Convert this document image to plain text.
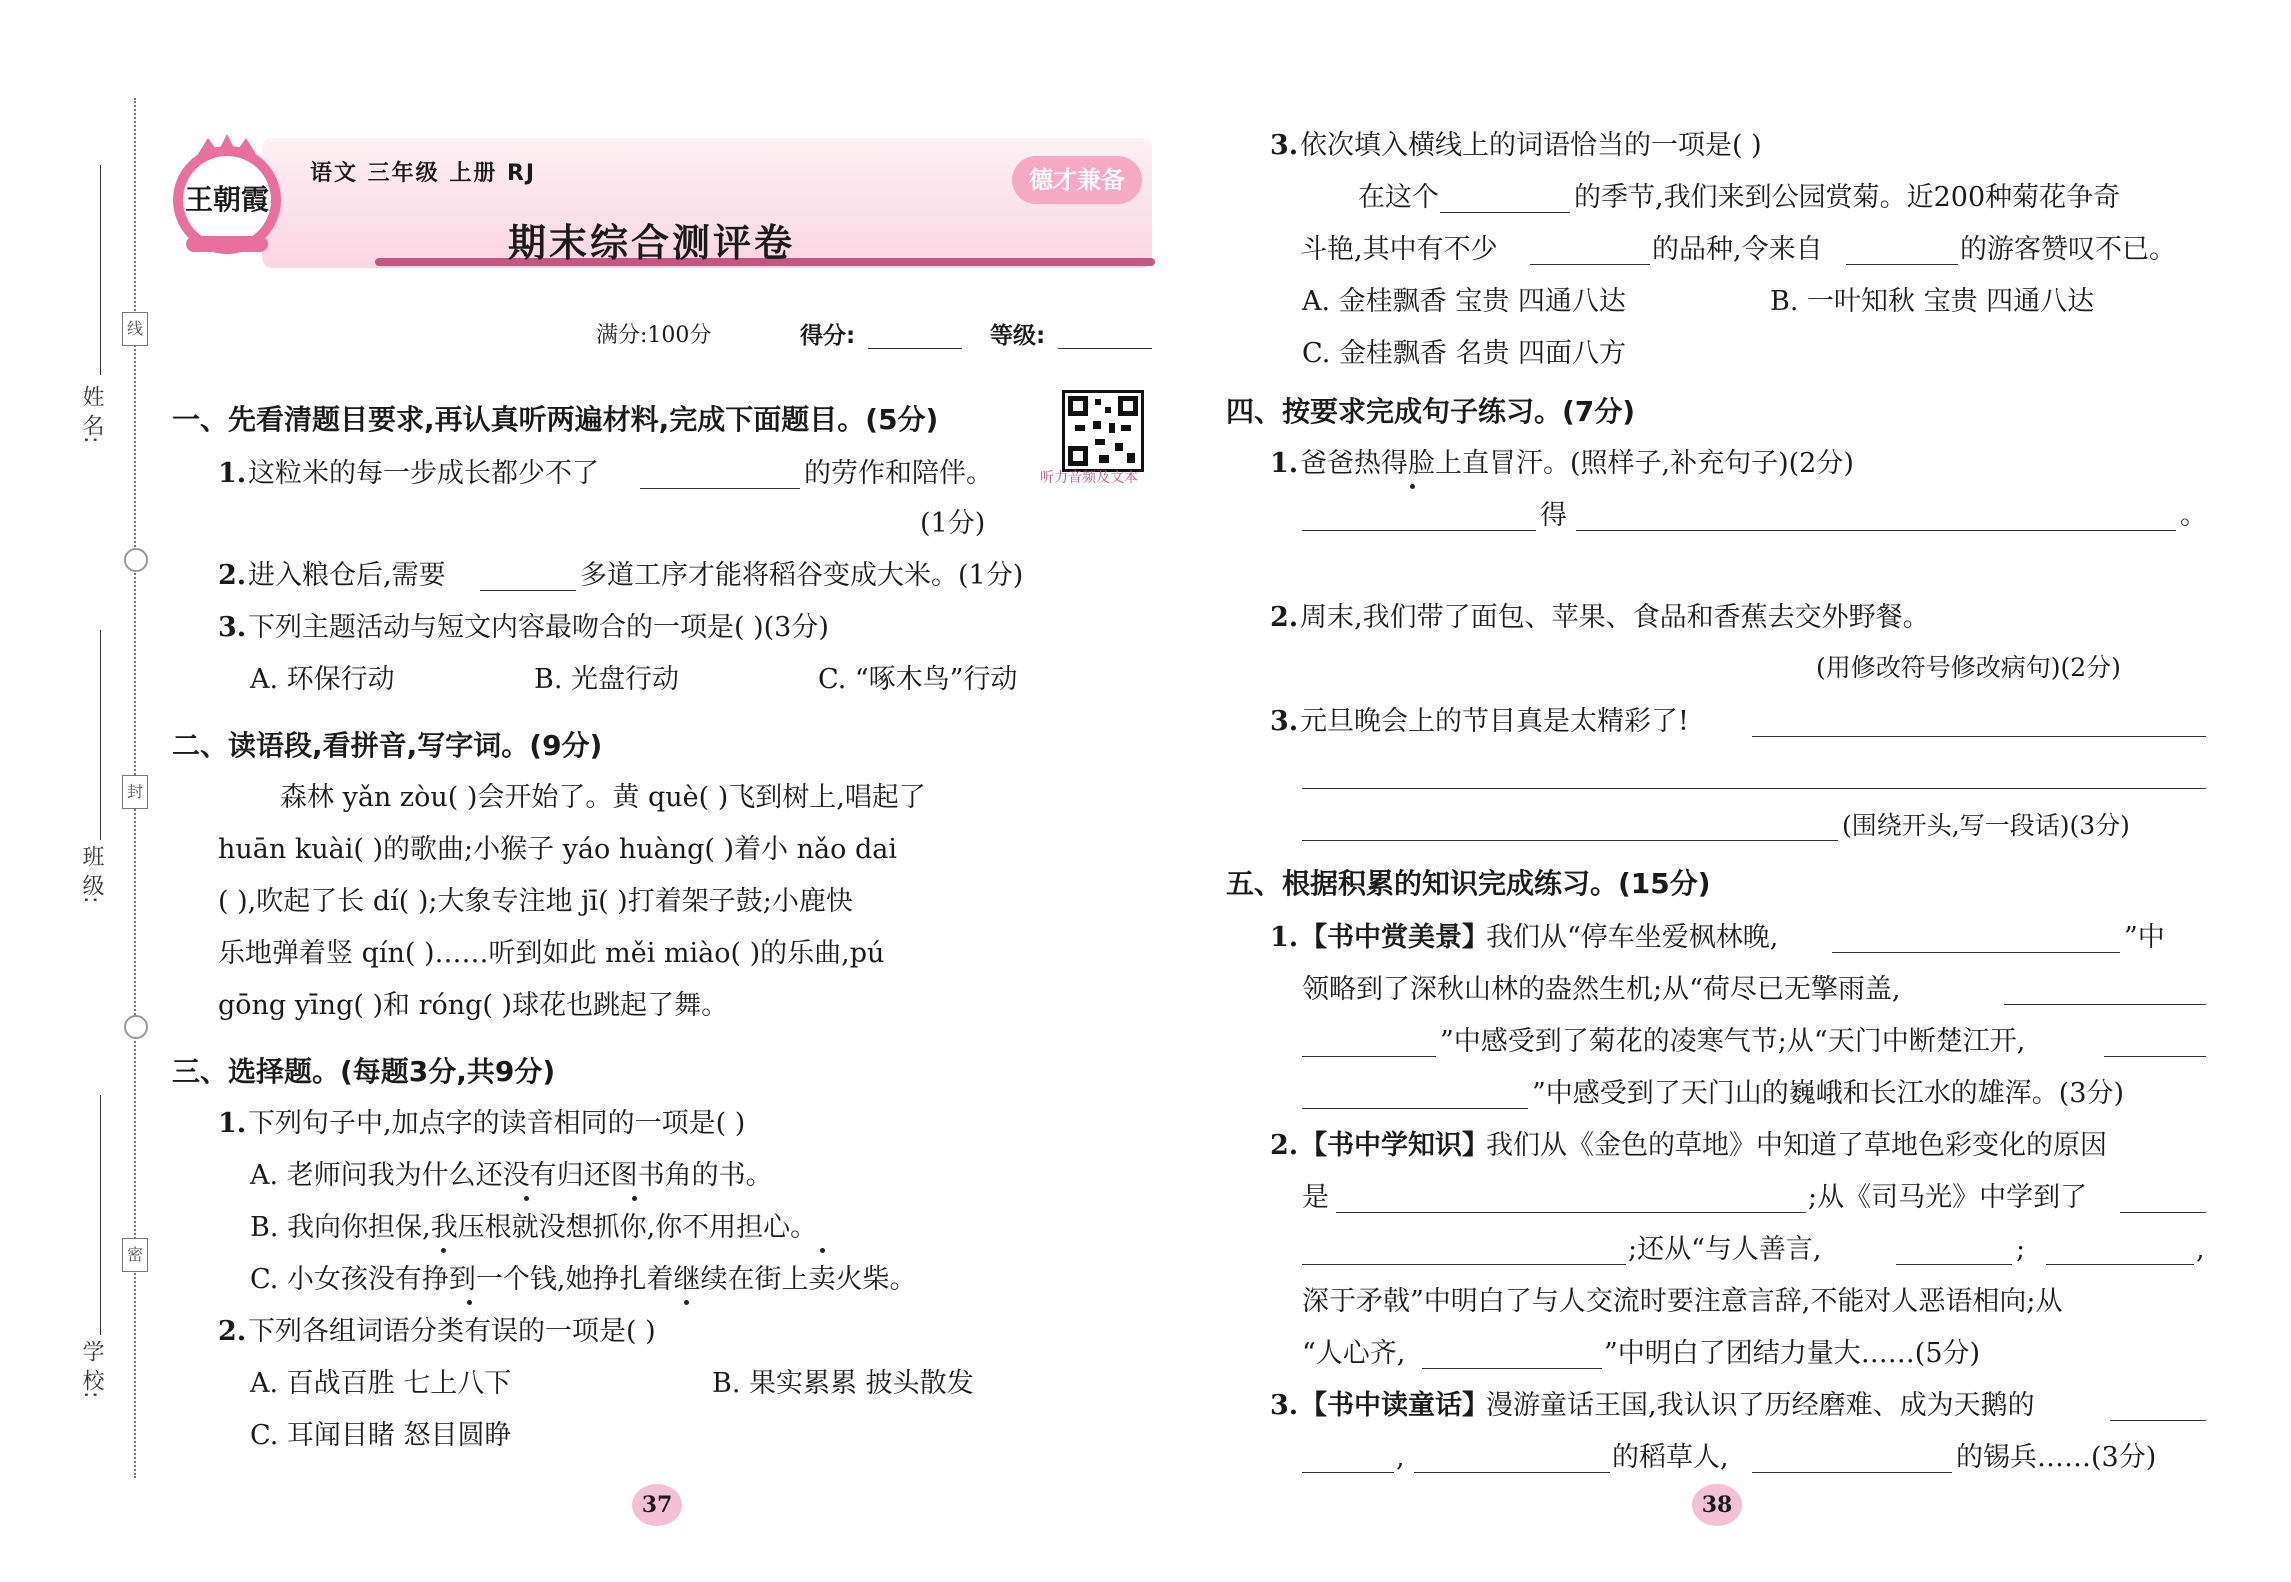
姓 名:
班 级:
学 校:
线
封
密
王朝霞
语文 三年级 上册 RJ	德才兼备
期末综合测评卷
满分:100分	得分:	等级:
听力音频及文本
一、先看清题目要求,再认真听两遍材料,完成下面题目。(5分)
1. 这粒米的每一步成长都少不了	的劳作和陪伴。
(1分)
2. 进入粮仓后,需要	多道工序才能将稻谷变成大米。(1分)
3. 下列主题活动与短文内容最吻合的一项是( )(3分)
A. 环保行动	B. 光盘行动	C. “啄木鸟”行动
二、读语段,看拼音,写字词。(9分)
森林 yǎn zòu( )会开始了。黄 què( )飞到树上,唱起了
huān kuài( )的歌曲;小猴子 yáo huàng( )着小 nǎo dai
( ),吹起了长 dí( );大象专注地 jī( )打着架子鼓;小鹿快
乐地弹着竖 qín( )……听到如此 měi miào( )的乐曲,pú
gōng yīng( )和 róng( )球花也跳起了舞。
三、选择题。(每题3分,共9分)
1. 下列句子中,加点字的读音相同的一项是( )
A. 老师问我为什么还没有归还图书角的书。
B. 我向你担保,我压根就没想抓你,你不用担心。
C. 小女孩没有挣到一个钱,她挣扎着继续在街上卖火柴。
2. 下列各组词语分类有误的一项是( )
A. 百战百胜 七上八下	B. 果实累累 披头散发
C. 耳闻目睹 怒目圆睁
37
3. 依次填入横线上的词语恰当的一项是( )
在这个	的季节,我们来到公园赏菊。近200种菊花争奇
斗艳,其中有不少	的品种,令来自	的游客赞叹不已。
A. 金桂飘香 宝贵 四通八达	B. 一叶知秋 宝贵 四通八达
C. 金桂飘香 名贵 四面八方
四、按要求完成句子练习。(7分)
1. 爸爸热得脸上直冒汗。(照样子,补充句子)(2分)
得	。
2. 周末,我们带了面包、苹果、食品和香蕉去交外野餐。
(用修改符号修改病句)(2分)
3. 元旦晚会上的节目真是太精彩了!
(围绕开头,写一段话)(3分)
五、根据积累的知识完成练习。(15分)
1. 【书中赏美景】
我们从“停车坐爱枫林晚,	”中
领略到了深秋山林的盎然生机;从“荷尽已无擎雨盖,
”中感受到了菊花的凌寒气节;从“天门中断楚江开,
”中感受到了天门山的巍峨和长江水的雄浑。(3分)
2. 【书中学知识】
我们从《金色的草地》中知道了草地色彩变化的原因
是	;从《司马光》中学到了
;还从“与人善言,	;	,
深于矛戟”中明白了与人交流时要注意言辞,不能对人恶语相向;从
“人心齐,	”中明白了团结力量大……(5分)
3. 【书中读童话】
漫游童话王国,我认识了历经磨难、成为天鹅的
,	的稻草人,	的锡兵……(3分)
38
